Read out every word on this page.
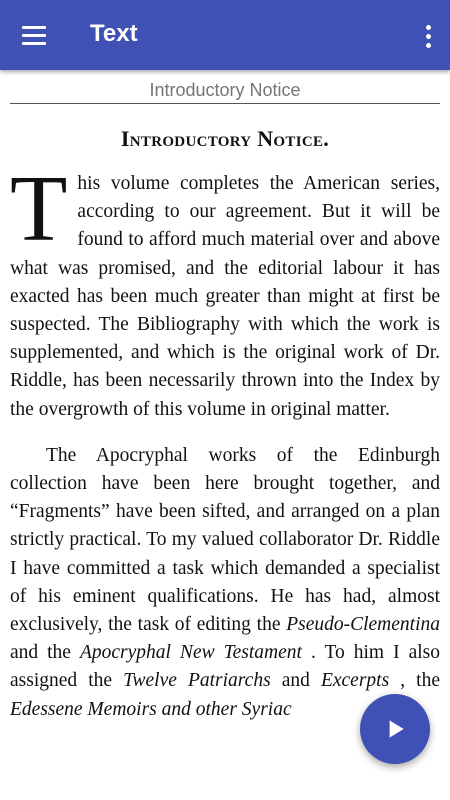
Text
Introductory Notice
Introductory Notice.

This volume completes the American series, according to our agreement. But it will be found to afford much material over and above what was promised, and the editorial labour it has exacted has been much greater than might at first be suspected. The Bibliography with which the work is supplemented, and which is the original work of Dr. Riddle, has been necessarily thrown into the Index by the overgrowth of this volume in original matter.

The Apocryphal works of the Edinburgh collection have been here brought together, and “Fragments” have been sifted, and arranged on a plan strictly practical. To my valued collaborator Dr. Riddle I have committed a task which demanded a specialist of his eminent qualifications. He has had, almost exclusively, the task of editing the Pseudo-Clementina and the Apocryphal New Testament . To him I also assigned the Twelve Patriarchs and Excerpts , the Edessene Memoirs and other Syriac
